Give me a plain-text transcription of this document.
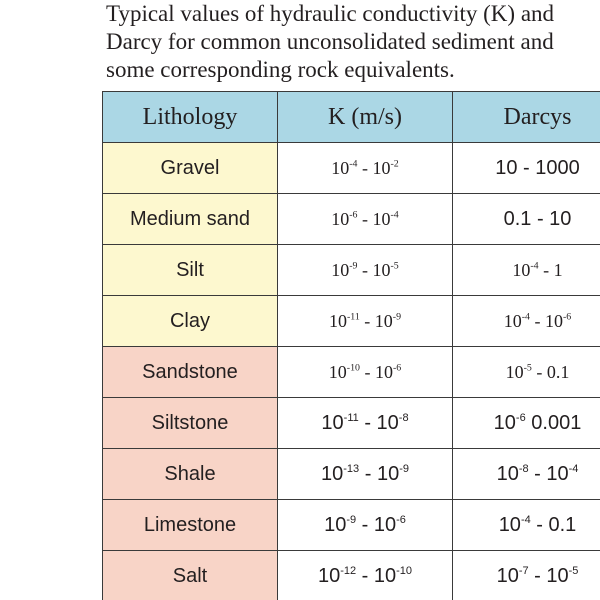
Typical values of hydraulic conductivity (K) and
Darcy for common unconsolidated sediment and
some corresponding rock equivalents.
Lithology	K (m/s)	Darcys
Gravel	$10^{-4} - 10^{-2}$	10 - 1000
Medium sand	$10^{-6} - 10^{-4}$	0.1 - 10
Silt	$10^{-9} - 10^{-5}$	$10^{-4} - 1$
Clay	$10^{-11} - 10^{-9}$	$10^{-4} - 10^{-6}$
Sandstone	$10^{-10} - 10^{-6}$	$10^{-5} - 0.1$
Siltstone	$10^{-11} - 10^{-8}$	$10^{-6}$ 0.001
Shale	$10^{-13} - 10^{-9}$	$10^{-8} - 10^{-4}$
Limestone	$10^{-9} - 10^{-6}$	$10^{-4} - 0.1$
Salt	$10^{-12} - 10^{-10}$	$10^{-7} - 10^{-5}$
